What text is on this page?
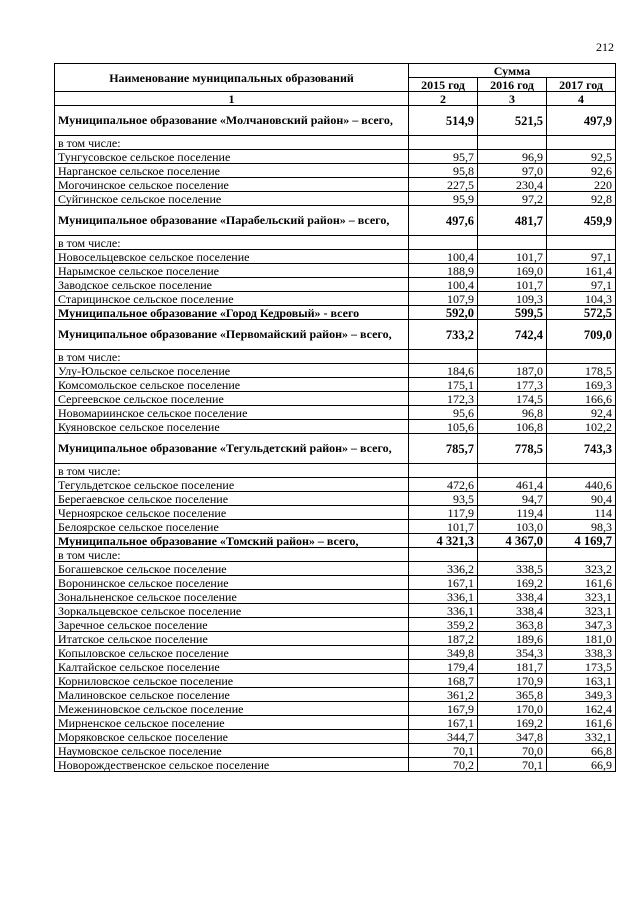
212
Наименование муниципальных образований	Сумма		
	2015 год	2016 год	2017 год
1	2	3	4
Муниципальное образование «Молчановский район» – всего,	514,9	521,5	497,9
в том числе:			
Тунгусовское сельское поселение	95,7	96,9	92,5
Нарганское сельское поселение	95,8	97,0	92,6
Могочинское сельское поселение	227,5	230,4	220
Суйгинское сельское поселение	95,9	97,2	92,8
Муниципальное образование «Парабельский район» – всего,	497,6	481,7	459,9
в том числе:			
Новосельцевское сельское поселение	100,4	101,7	97,1
Нарымское сельское поселение	188,9	169,0	161,4
Заводское сельское поселение	100,4	101,7	97,1
Старицинское сельское поселение	107,9	109,3	104,3
Муниципальное образование «Город Кедровый» - всего	592,0	599,5	572,5
Муниципальное образование «Первомайский район» – всего,	733,2	742,4	709,0
в том числе:			
Улу-Юльское сельское поселение	184,6	187,0	178,5
Комсомольское сельское поселение	175,1	177,3	169,3
Сергеевское сельское поселение	172,3	174,5	166,6
Новомариинское сельское поселение	95,6	96,8	92,4
Куяновское сельское поселение	105,6	106,8	102,2
Муниципальное образование «Тегульдетский район» – всего,	785,7	778,5	743,3
в том числе:			
Тегульдетское сельское поселение	472,6	461,4	440,6
Берегаевское сельское поселение	93,5	94,7	90,4
Черноярское сельское поселение	117,9	119,4	114
Белоярское сельское поселение	101,7	103,0	98,3
Муниципальное образование «Томский район» – всего,	4 321,3	4 367,0	4 169,7
в том числе:			
Богашевское сельское поселение	336,2	338,5	323,2
Воронинское сельское поселение	167,1	169,2	161,6
Зональненское сельское поселение	336,1	338,4	323,1
Зоркальцевское сельское поселение	336,1	338,4	323,1
Заречное сельское поселение	359,2	363,8	347,3
Итатское сельское поселение	187,2	189,6	181,0
Копыловское сельское поселение	349,8	354,3	338,3
Калтайское сельское поселение	179,4	181,7	173,5
Корниловское сельское поселение	168,7	170,9	163,1
Малиновское сельское поселение	361,2	365,8	349,3
Межениновское сельское поселение	167,9	170,0	162,4
Мирненское сельское поселение	167,1	169,2	161,6
Моряковское сельское поселение	344,7	347,8	332,1
Наумовское сельское поселение	70,1	70,0	66,8
Новорождественское сельское поселение	70,2	70,1	66,9
